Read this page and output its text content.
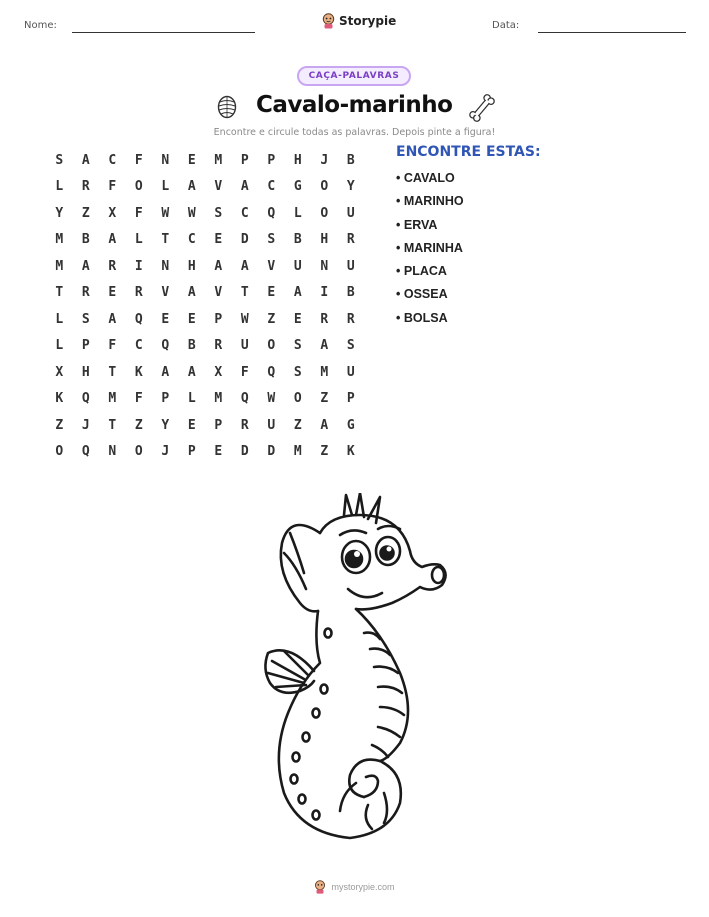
Nome:	Storypie	Data:
CAÇA-PALAVRAS
Cavalo-marinho
Encontre e circule todas as palavras. Depois pinte a figura!
S	A	C	F	N	E	M	P	P	H	J	B
L	R	F	O	L	A	V	A	C	G	O	Y
Y	Z	X	F	W	W	S	C	Q	L	O	U
M	B	A	L	T	C	E	D	S	B	H	R
M	A	R	I	N	H	A	A	V	U	N	U
T	R	E	R	V	A	V	T	E	A	I	B
L	S	A	Q	E	E	P	W	Z	E	R	R
L	P	F	C	Q	B	R	U	O	S	A	S
X	H	T	K	A	A	X	F	Q	S	M	U
K	Q	M	F	P	L	M	Q	W	O	Z	P
Z	J	T	Z	Y	E	P	R	U	Z	A	G
O	Q	N	O	J	P	E	D	D	M	Z	K
ENCONTRE ESTAS:
• CAVALO
• MARINHO
• ERVA
• MARINHA
• PLACA
• OSSEA
• BOLSA
mystorypie.com
